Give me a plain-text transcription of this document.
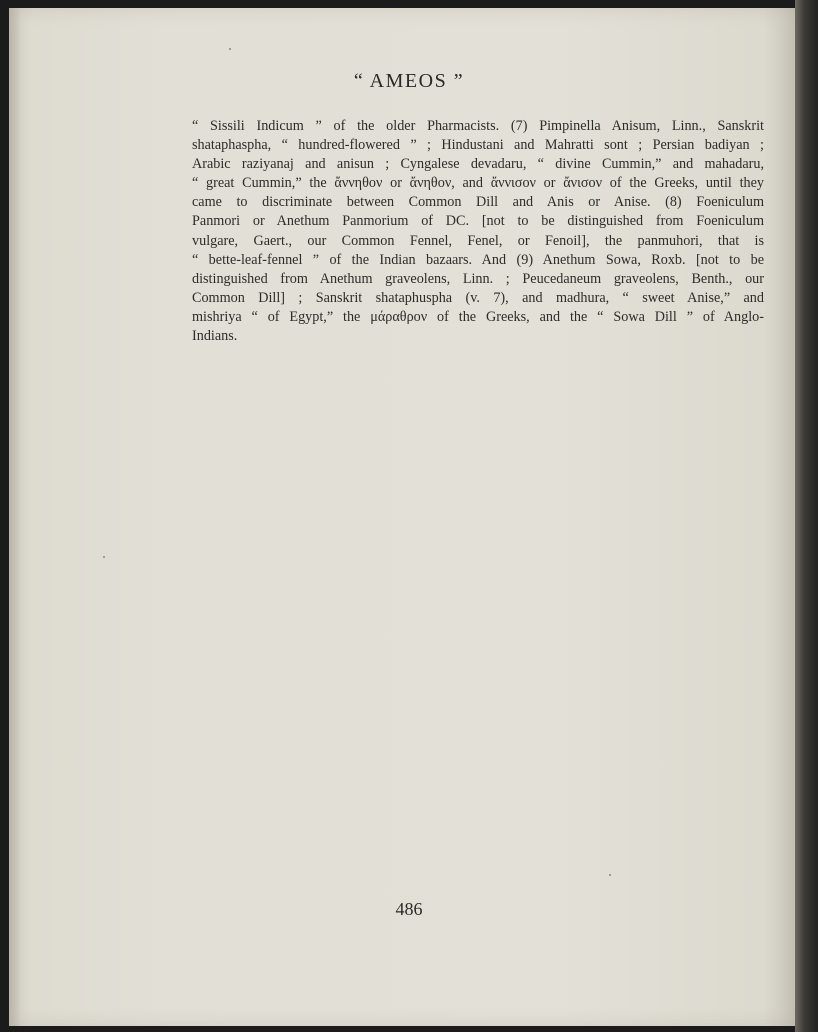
“ AMEOS ”
“ Sissili Indicum ” of the older Pharmacists. (7) Pimpinella Anisum, Linn., Sanskrit
shataphaspha, “ hundred-flowered ” ; Hindustani and Mahratti sont ; Persian badiyan ;
Arabic raziyanaj and anisun ; Cyngalese devadaru, “ divine Cummin,” and mahadaru,
“ great Cummin,” the ἄννηθον or ἄνηθον, and ἄννισον or ἄνισον of the Greeks, until they
came to discriminate between Common Dill and Anis or Anise. (8) Foeniculum
Panmori or Anethum Panmorium of DC. [not to be distinguished from Foeniculum
vulgare, Gaert., our Common Fennel, Fenel, or Fenoil], the panmuhori, that is
“ bette-leaf-fennel ” of the Indian bazaars. And (9) Anethum Sowa, Roxb. [not to be
distinguished from Anethum graveolens, Linn. ; Peucedaneum graveolens, Benth., our
Common Dill] ; Sanskrit shataphuspha (v. 7), and madhura, “ sweet Anise,” and
mishriya “ of Egypt,” the μάραθρον of the Greeks, and the “ Sowa Dill ” of Anglo-
Indians.
486
